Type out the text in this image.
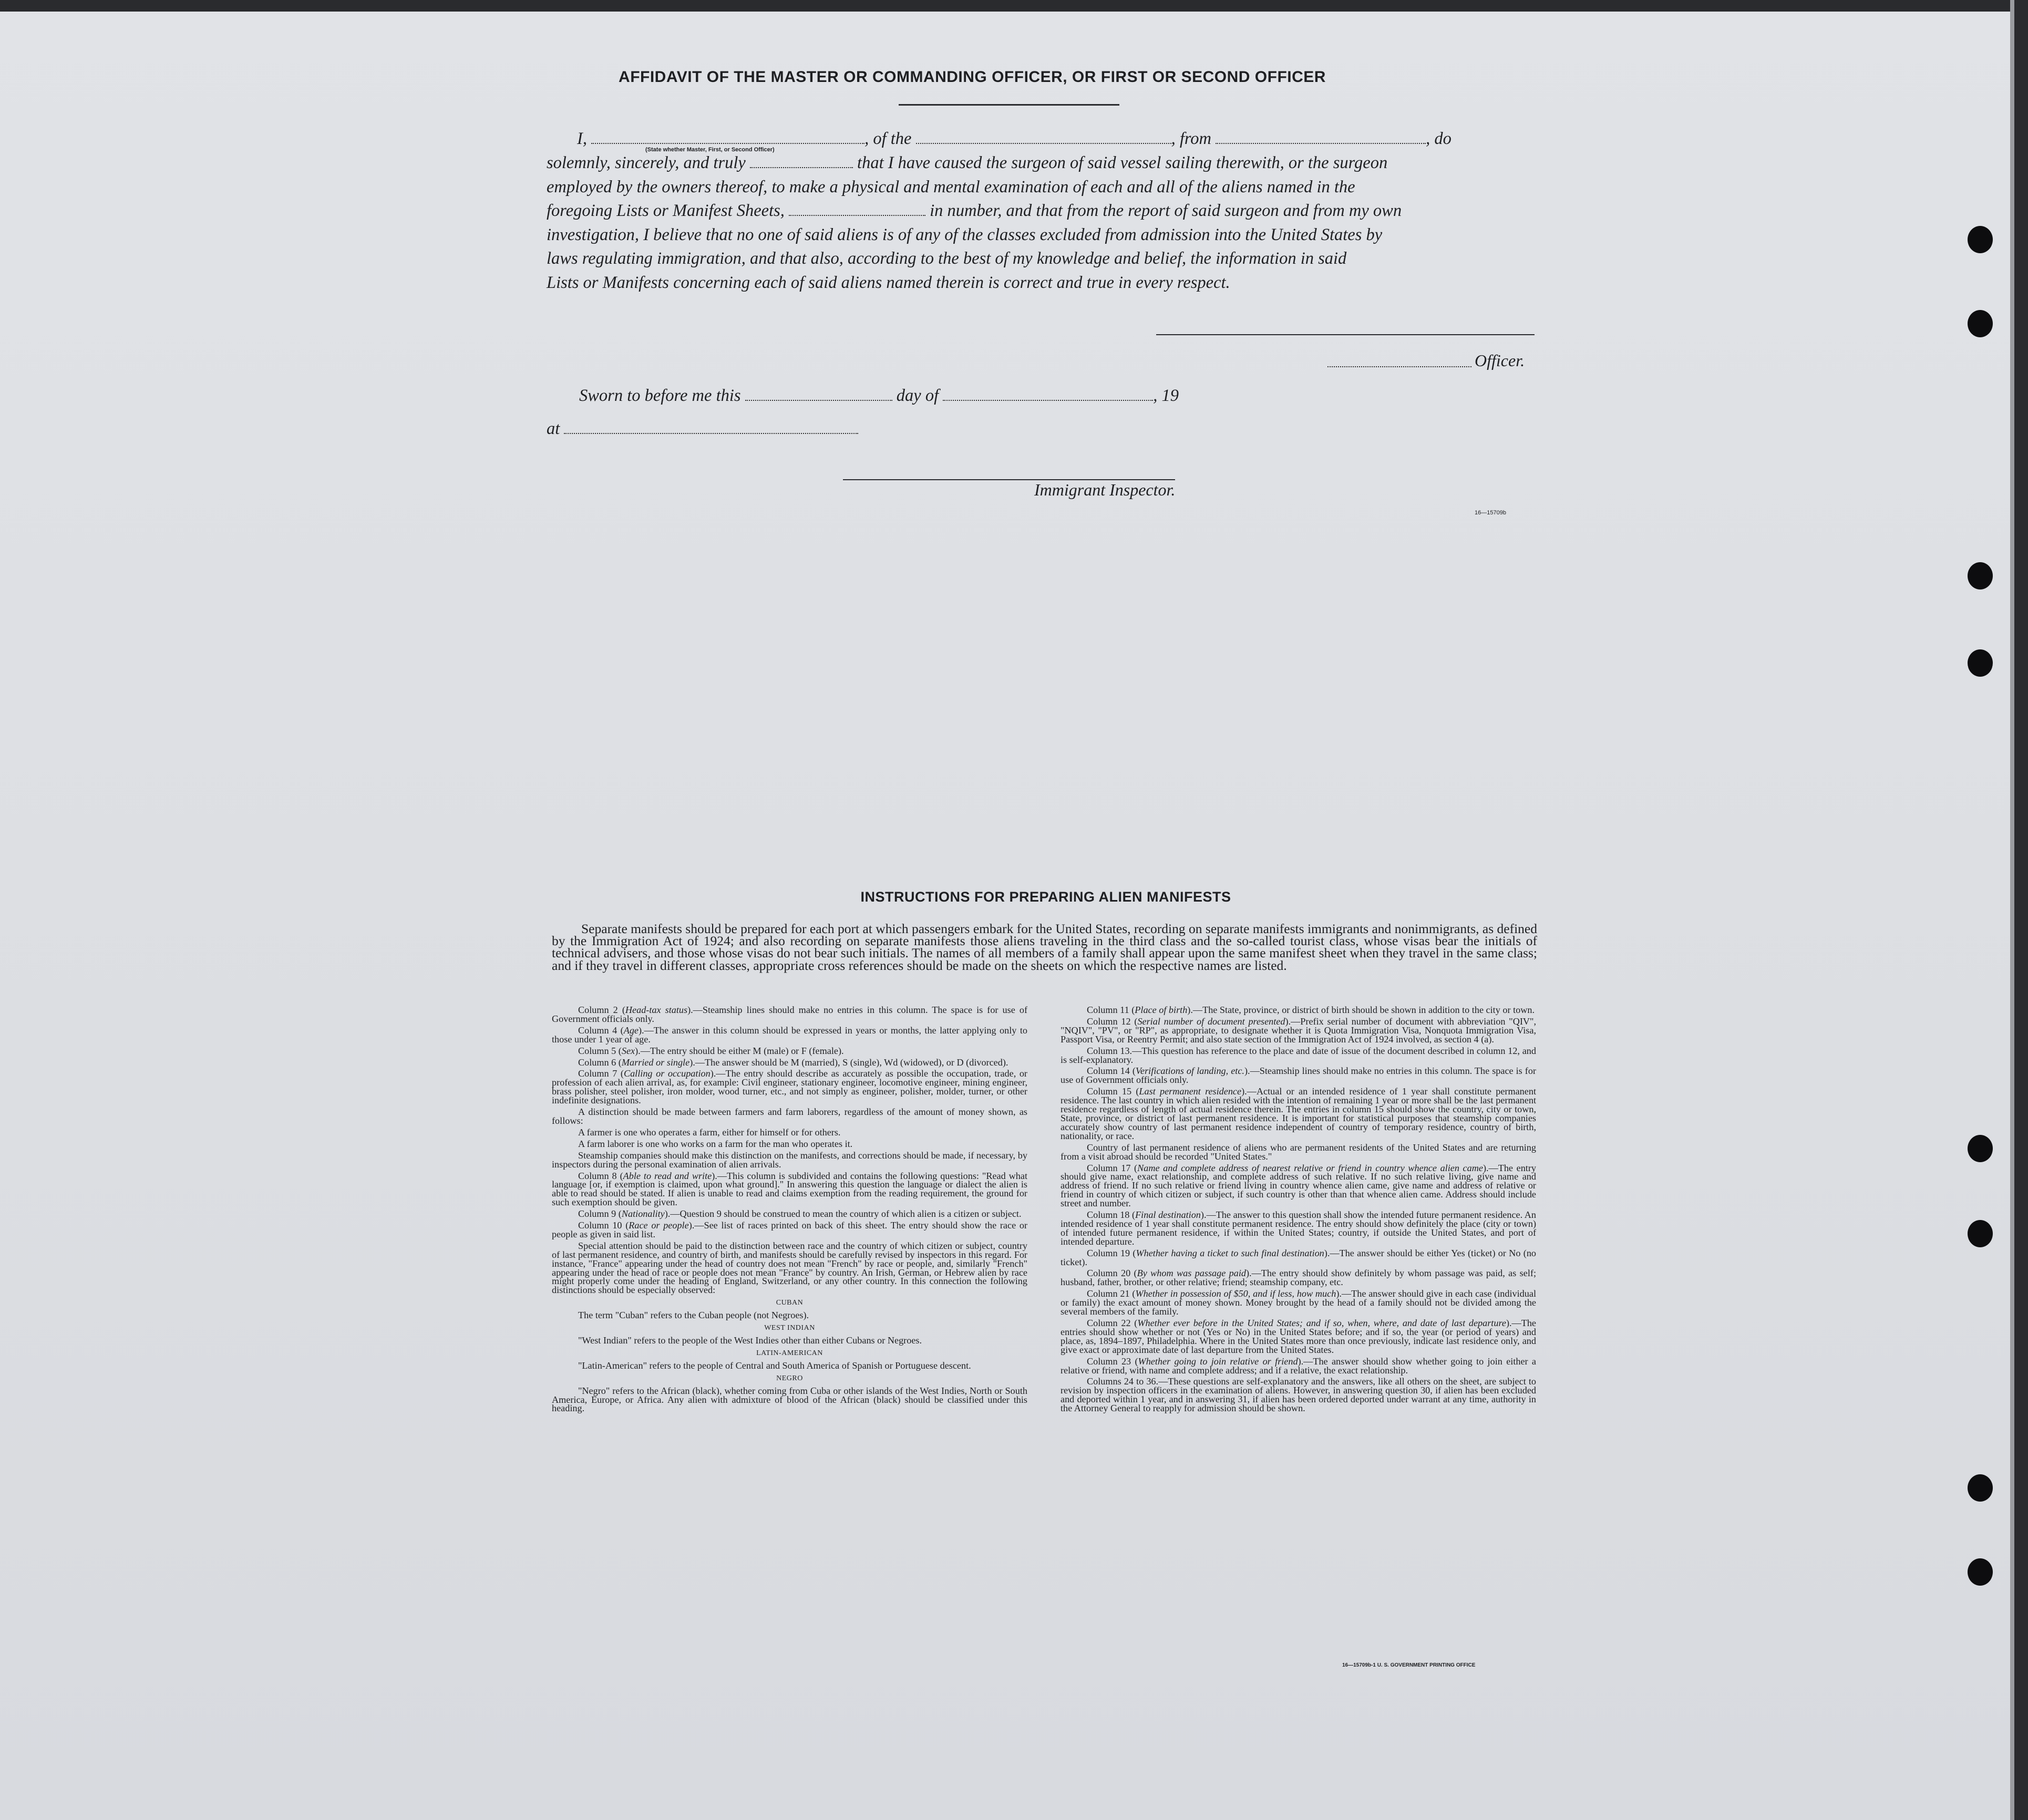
AFFIDAVIT OF THE MASTER OR COMMANDING OFFICER, OR FIRST OR SECOND OFFICER
I,	, of the	, from	, do
(State whether Master, First, or Second Officer)
solemnly, sincerely, and truly	that I have caused the surgeon of said vessel sailing therewith, or the surgeon
employed by the owners thereof, to make a physical and mental examination of each and all of the aliens named in the
foregoing Lists or Manifest Sheets,	in number, and that from the report of said surgeon and from my own
investigation, I believe that no one of said aliens is of any of the classes excluded from admission into the United States by
laws regulating immigration, and that also, according to the best of my knowledge and belief, the information in said
Lists or Manifests concerning each of said aliens named therein is correct and true in every respect.
Officer.
Sworn to before me this	day of	, 19
at
Immigrant Inspector.
16—15709b
INSTRUCTIONS FOR PREPARING ALIEN MANIFESTS

Separate manifests should be prepared for each port at which passengers embark for the United States, recording on separate manifests immigrants and nonimmigrants, as defined by the Immigration Act of 1924; and also recording on separate manifests those aliens traveling in the third class and the so-called tourist class, whose visas bear the initials of technical advisers, and those whose visas do not bear such initials. The names of all members of a family shall appear upon the same manifest sheet when they travel in the same class; and if they travel in different classes, appropriate cross references should be made on the sheets on which the respective names are listed.

Column 2 (Head-tax status).—Steamship lines should make no entries in this column. The space is for use of Government officials only.

Column 4 (Age).—The answer in this column should be expressed in years or months, the latter applying only to those under 1 year of age.

Column 5 (Sex).—The entry should be either M (male) or F (female).

Column 6 (Married or single).—The answer should be M (married), S (single), Wd (widowed), or D (divorced).

Column 7 (Calling or occupation).—The entry should describe as accurately as possible the occupation, trade, or profession of each alien arrival, as, for example: Civil engineer, stationary engineer, locomotive engineer, mining engineer, brass polisher, steel polisher, iron molder, wood turner, etc., and not simply as engineer, polisher, molder, turner, or other indefinite designations.

A distinction should be made between farmers and farm laborers, regardless of the amount of money shown, as follows:

A farmer is one who operates a farm, either for himself or for others.

A farm laborer is one who works on a farm for the man who operates it.

Steamship companies should make this distinction on the manifests, and corrections should be made, if necessary, by inspectors during the personal examination of alien arrivals.

Column 8 (Able to read and write).—This column is subdivided and contains the following questions: "Read what language [or, if exemption is claimed, upon what ground]." In answering this question the language or dialect the alien is able to read should be stated. If alien is unable to read and claims exemption from the reading requirement, the ground for such exemption should be given.

Column 9 (Nationality).—Question 9 should be construed to mean the country of which alien is a citizen or subject.

Column 10 (Race or people).—See list of races printed on back of this sheet. The entry should show the race or people as given in said list.

Special attention should be paid to the distinction between race and the country of which citizen or subject, country of last permanent residence, and country of birth, and manifests should be carefully revised by inspectors in this regard. For instance, "France" appearing under the head of country does not mean "French" by race or people, and, similarly "French" appearing under the head of race or people does not mean "France" by country. An Irish, German, or Hebrew alien by race might properly come under the heading of England, Switzerland, or any other country. In this connection the following distinctions should be especially observed:

CUBAN

The term "Cuban" refers to the Cuban people (not Negroes).

WEST INDIAN

"West Indian" refers to the people of the West Indies other than either Cubans or Negroes.

LATIN-AMERICAN

"Latin-American" refers to the people of Central and South America of Spanish or Portuguese descent.

NEGRO

"Negro" refers to the African (black), whether coming from Cuba or other islands of the West Indies, North or South America, Europe, or Africa. Any alien with admixture of blood of the African (black) should be classified under this heading.

Column 11 (Place of birth).—The State, province, or district of birth should be shown in addition to the city or town.

Column 12 (Serial number of document presented).—Prefix serial number of document with abbreviation "QIV", "NQIV", "PV", or "RP", as appropriate, to designate whether it is Quota Immigration Visa, Nonquota Immigration Visa, Passport Visa, or Reentry Permit; and also state section of the Immigration Act of 1924 involved, as section 4 (a).

Column 13.—This question has reference to the place and date of issue of the document described in column 12, and is self-explanatory.

Column 14 (Verifications of landing, etc.).—Steamship lines should make no entries in this column. The space is for use of Government officials only.

Column 15 (Last permanent residence).—Actual or an intended residence of 1 year shall constitute permanent residence. The last country in which alien resided with the intention of remaining 1 year or more shall be the last permanent residence regardless of length of actual residence therein. The entries in column 15 should show the country, city or town, State, province, or district of last permanent residence. It is important for statistical purposes that steamship companies accurately show country of last permanent residence independent of country of temporary residence, country of birth, nationality, or race.

Country of last permanent residence of aliens who are permanent residents of the United States and are returning from a visit abroad should be recorded "United States."

Column 17 (Name and complete address of nearest relative or friend in country whence alien came).—The entry should give name, exact relationship, and complete address of such relative. If no such relative living, give name and address of friend. If no such relative or friend living in country whence alien came, give name and address of relative or friend in country of which citizen or subject, if such country is other than that whence alien came. Address should include street and number.

Column 18 (Final destination).—The answer to this question shall show the intended future permanent residence. An intended residence of 1 year shall constitute permanent residence. The entry should show definitely the place (city or town) of intended future permanent residence, if within the United States; country, if outside the United States, and port of intended departure.

Column 19 (Whether having a ticket to such final destination).—The answer should be either Yes (ticket) or No (no ticket).

Column 20 (By whom was passage paid).—The entry should show definitely by whom passage was paid, as self; husband, father, brother, or other relative; friend; steamship company, etc.

Column 21 (Whether in possession of $50, and if less, how much).—The answer should give in each case (individual or family) the exact amount of money shown. Money brought by the head of a family should not be divided among the several members of the family.

Column 22 (Whether ever before in the United States; and if so, when, where, and date of last departure).—The entries should show whether or not (Yes or No) in the United States before; and if so, the year (or period of years) and place, as, 1894–1897, Philadelphia. Where in the United States more than once previously, indicate last residence only, and give exact or approximate date of last departure from the United States.

Column 23 (Whether going to join relative or friend).—The answer should show whether going to join either a relative or friend, with name and complete address; and if a relative, the exact relationship.

Columns 24 to 36.—These questions are self-explanatory and the answers, like all others on the sheet, are subject to revision by inspection officers in the examination of aliens. However, in answering question 30, if alien has been excluded and deported within 1 year, and in answering 31, if alien has been ordered deported under warrant at any time, authority in the Attorney General to reapply for admission should be shown.

16—15709b-1 U. S. GOVERNMENT PRINTING OFFICE
